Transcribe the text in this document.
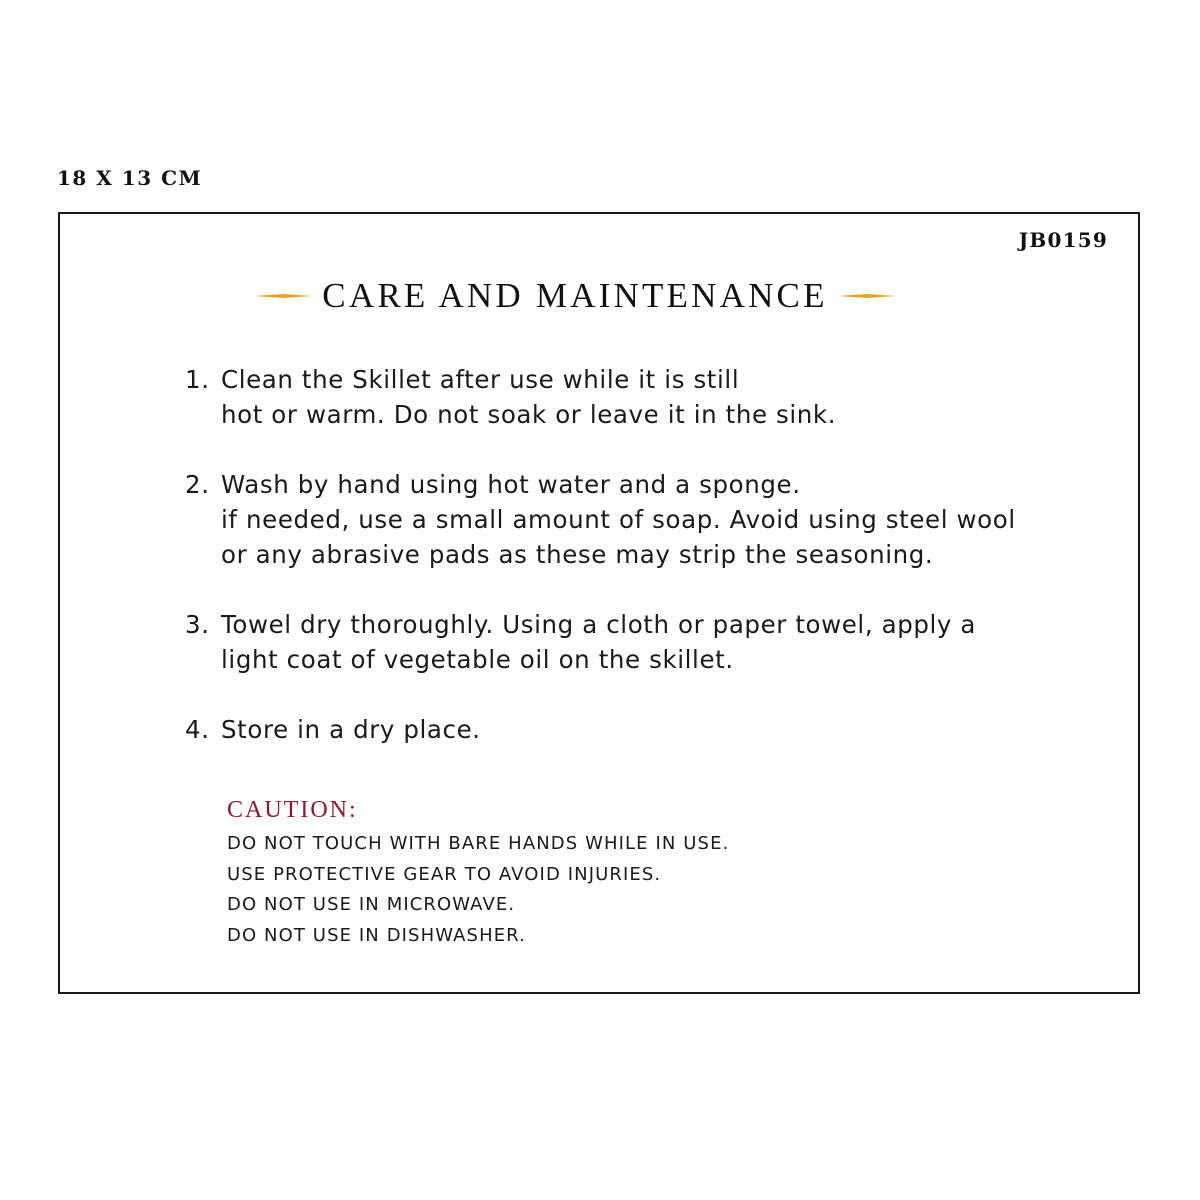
18 X 13 CM
JB0159
CARE AND MAINTENANCE
1. Clean the Skillet after use while it is still
hot or warm. Do not soak or leave it in the sink.
2. Wash by hand using hot water and a sponge.
if needed, use a small amount of soap. Avoid using steel wool
or any abrasive pads as these may strip the seasoning.
3. Towel dry thoroughly. Using a cloth or paper towel, apply a
light coat of vegetable oil on the skillet.
4. Store in a dry place.
CAUTION:
DO NOT TOUCH WITH BARE HANDS WHILE IN USE.
USE PROTECTIVE GEAR TO AVOID INJURIES.
DO NOT USE IN MICROWAVE.
DO NOT USE IN DISHWASHER.
